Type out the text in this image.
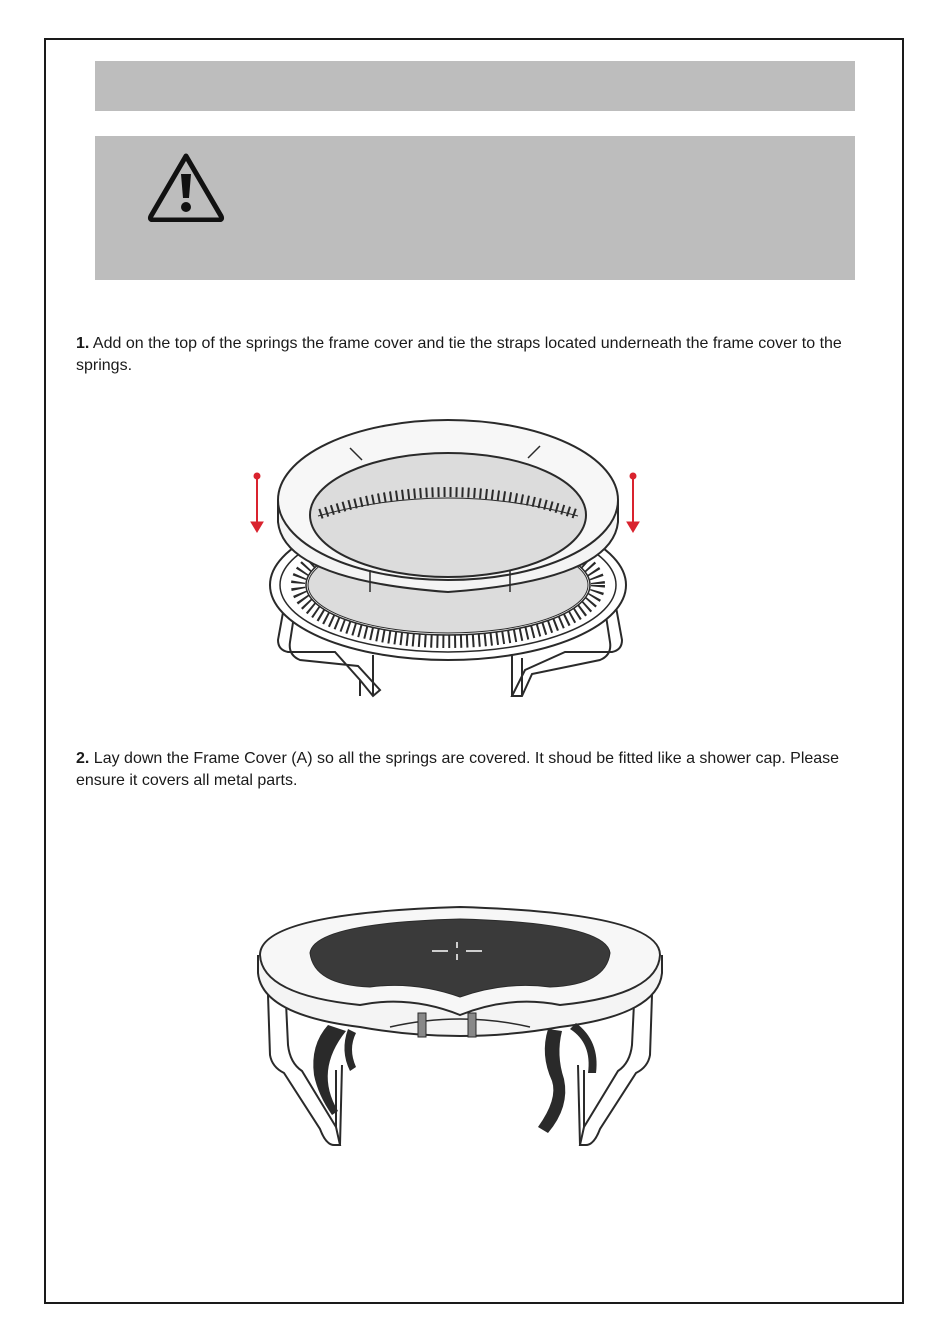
1. Add on the top of the springs the frame cover and tie the straps located underneath the frame cover to the springs.
2. Lay down the Frame Cover (A) so all the springs are covered. It shoud be fitted like a shower cap. Please ensure it covers all metal parts.
